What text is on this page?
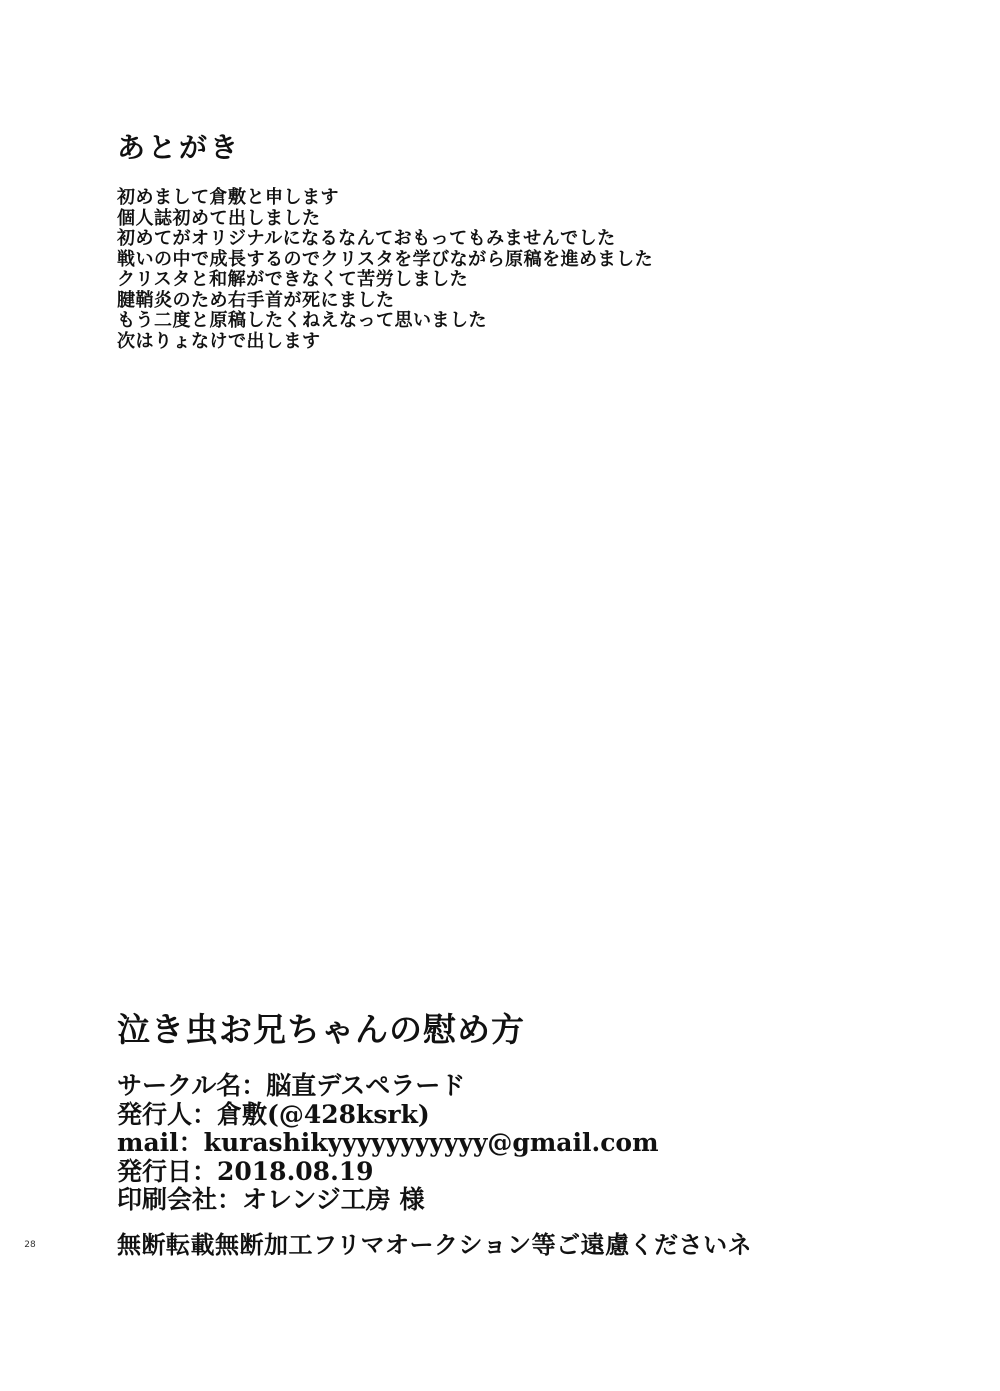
あとがき
初めまして倉敷と申します
個人誌初めて出しました
初めてがオリジナルになるなんておもってもみませんでした
戦いの中で成長するのでクリスタを学びながら原稿を進めました
クリスタと和解ができなくて苦労しました
腱鞘炎のため右手首が死にました
もう二度と原稿したくねえなって思いました
次はりょなけで出します
泣き虫お兄ちゃんの慰め方
サークル名：脳直デスペラード
発行人：倉敷(@428ksrk)
mail：kurashikyyyyyyyyyyy@gmail.com
発行日：2018.08.19
印刷会社：オレンジ工房 様

無断転載無断加工フリマオークション等ご遠慮くださいネ

28
